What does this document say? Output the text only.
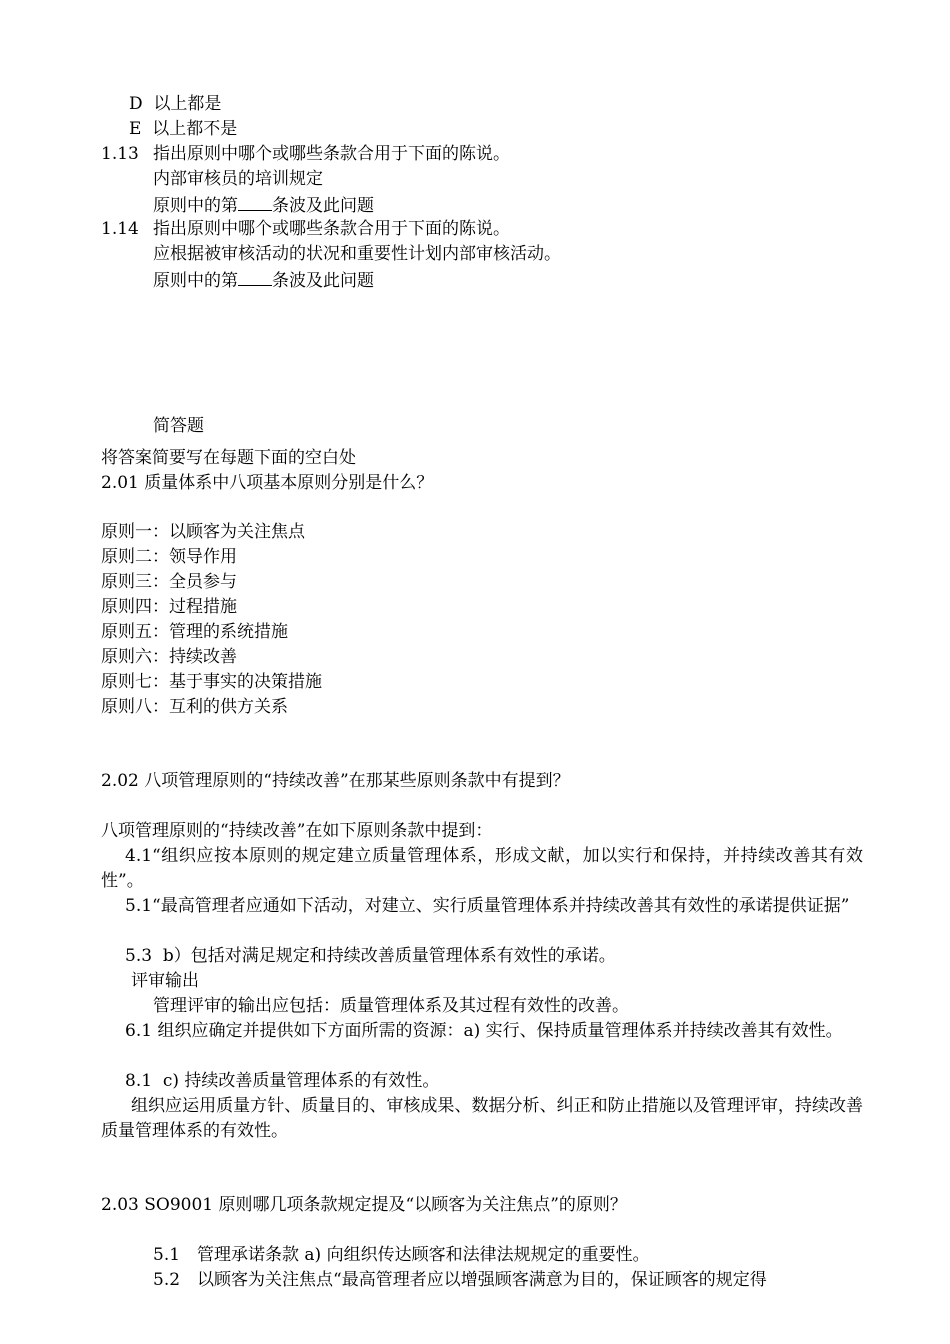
D  以上都是
E  以上都不是
1.13 指出原则中哪个或哪些条款合用于下面的陈说。
内部审核员的培训规定
原则中的第 条波及此问题
1.14 指出原则中哪个或哪些条款合用于下面的陈说。
应根据被审核活动的状况和重要性计划内部审核活动。
原则中的第 条波及此问题
简答题
将答案简要写在每题下面的空白处
2.01 质量体系中八项基本原则分别是什么？
原则一：以顾客为关注焦点
原则二：领导作用
原则三：全员参与
原则四：过程措施
原则五：管理的系统措施
原则六：持续改善
原则七：基于事实的决策措施
原则八：互利的供方关系
2.02 八项管理原则的“持续改善”在那某些原则条款中有提到？
八项管理原则的“持续改善”在如下原则条款中提到：
4.1“组织应按本原则的规定建立质量管理体系，形成文献，加以实行和保持，并持续改善其有效性”。
5.1“最高管理者应通如下活动，对建立、实行质量管理体系并持续改善其有效性的承诺提供证据”
5.3  b）包括对满足规定和持续改善质量管理体系有效性的承诺。
评审输出
管理评审的输出应包括：质量管理体系及其过程有效性的改善。
6.1 组织应确定并提供如下方面所需的资源：a) 实行、保持质量管理体系并持续改善其有效性。
8.1  c) 持续改善质量管理体系的有效性。
组织应运用质量方针、质量目的、审核成果、数据分析、纠正和防止措施以及管理评审，持续改善质量管理体系的有效性。
2.03 SO9001 原则哪几项条款规定提及“以顾客为关注焦点”的原则？
5.1 管理承诺条款 a) 向组织传达顾客和法律法规规定的重要性。
5.2 以顾客为关注焦点“最高管理者应以增强顾客满意为目的，保证顾客的规定得
